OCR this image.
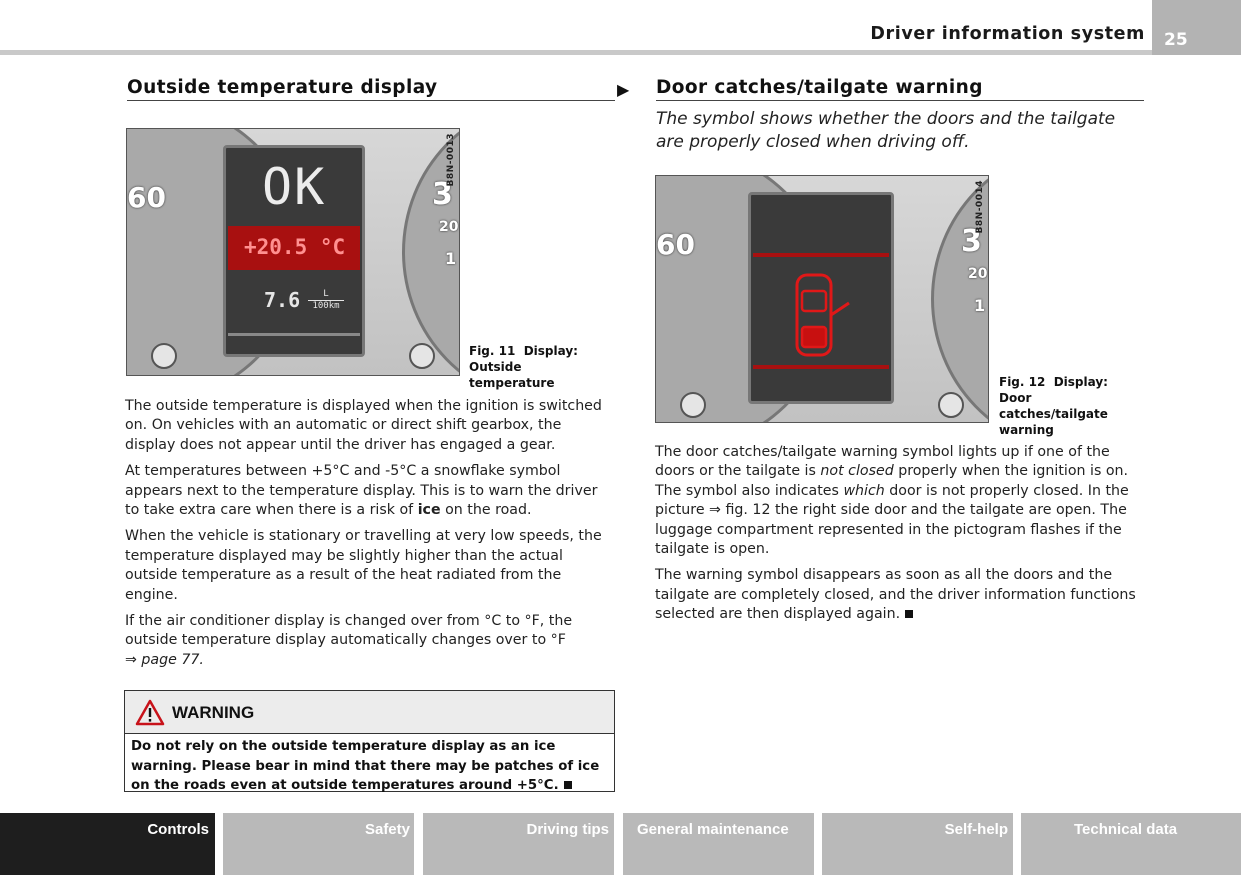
Driver information system 25
Outside temperature display	▶
60	3
20
1
OK
+20.5 °C
7.6	L
100km
B8N-0013
Fig. 11 Display: Outside temperature

The outside temperature is displayed when the ignition is switched on. On vehicles with an automatic or direct shift gearbox, the display does not appear until the driver has engaged a gear.

At temperatures between +5°C and -5°C a snowflake symbol appears next to the temperature display. This is to warn the driver to take extra care when there is a risk of ice on the road.

When the vehicle is stationary or travelling at very low speeds, the temperature displayed may be slightly higher than the actual outside temperature as a result of the heat radiated from the engine.

If the air conditioner display is changed over from °C to °F, the outside temperature display automatically changes over to °F
⇒ page 77.

WARNING
Do not rely on the outside temperature display as an ice warning. Please bear in mind that there may be patches of ice on the roads even at outside temperatures around +5°C.
Door catches/tailgate warning
The symbol shows whether the doors and the tailgate are properly closed when driving off.
60	3
20
1
B8N-0014
Fig. 12 Display: Door catches/tailgate warning

The door catches/tailgate warning symbol lights up if one of the doors or the tailgate is not closed properly when the ignition is on. The symbol also indicates which door is not properly closed. In the picture ⇒ fig. 12 the right side door and the tailgate are open. The luggage compartment represented in the pictogram flashes if the tailgate is open.

The warning symbol disappears as soon as all the doors and the tailgate are completely closed, and the driver information functions selected are then displayed again.

Controls	Safety	Driving tips General maintenance	Self-help	Technical data
